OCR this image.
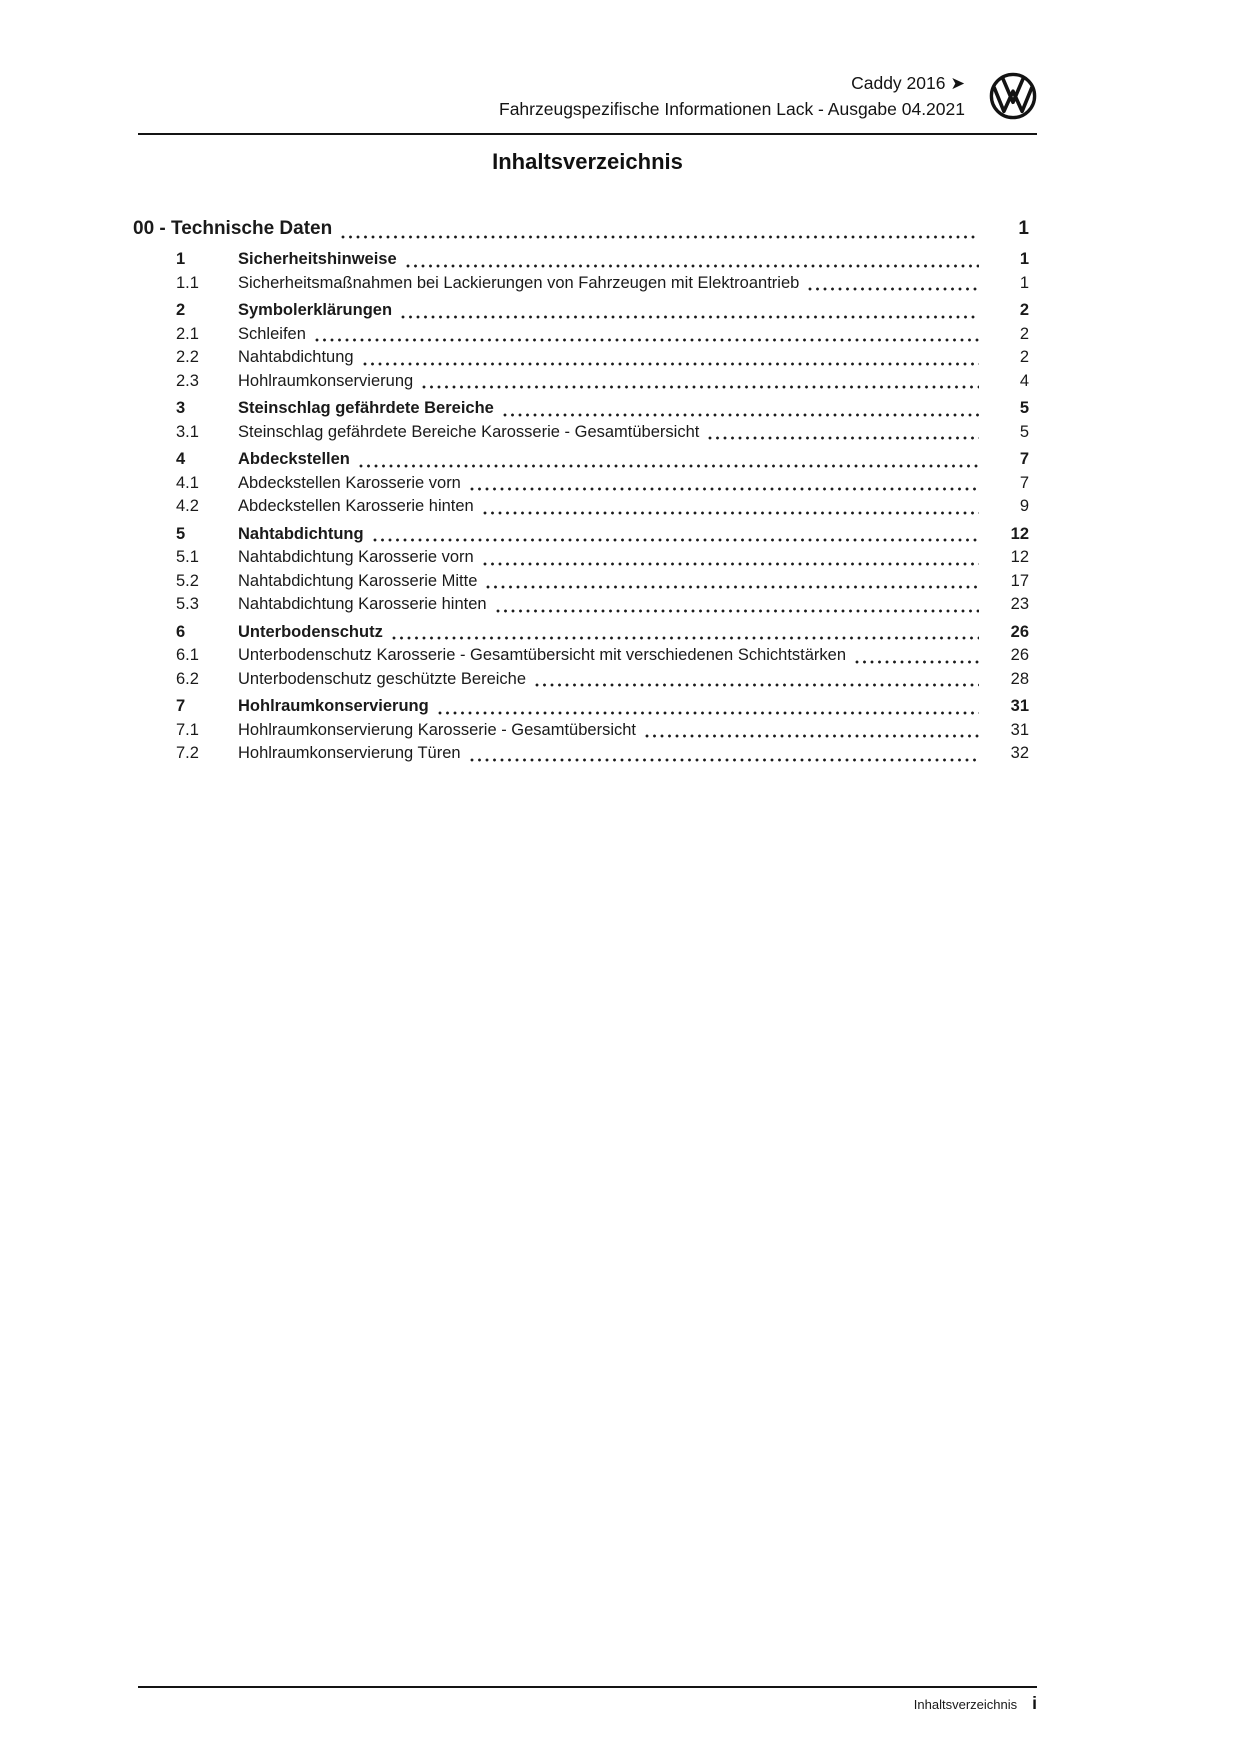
Caddy 2016 ➤
Fahrzeugspezifische Informationen Lack - Ausgabe 04.2021
Inhaltsverzeichnis
00 - Technische Daten	1
1	Sicherheitshinweise	1
1.1	Sicherheitsmaßnahmen bei Lackierungen von Fahrzeugen mit Elektroantrieb	1
2	Symbolerklärungen	2
2.1	Schleifen	2
2.2	Nahtabdichtung	2
2.3	Hohlraumkonservierung	4
3	Steinschlag gefährdete Bereiche	5
3.1	Steinschlag gefährdete Bereiche Karosserie - Gesamtübersicht	5
4	Abdeckstellen	7
4.1	Abdeckstellen Karosserie vorn	7
4.2	Abdeckstellen Karosserie hinten	9
5	Nahtabdichtung	12
5.1	Nahtabdichtung Karosserie vorn	12
5.2	Nahtabdichtung Karosserie Mitte	17
5.3	Nahtabdichtung Karosserie hinten	23
6	Unterbodenschutz	26
6.1	Unterbodenschutz Karosserie - Gesamtübersicht mit verschiedenen Schichtstärken	26
6.2	Unterbodenschutz geschützte Bereiche	28
7	Hohlraumkonservierung	31
7.1	Hohlraumkonservierung Karosserie - Gesamtübersicht	31
7.2	Hohlraumkonservierung Türen	32
Inhaltsverzeichnis i
